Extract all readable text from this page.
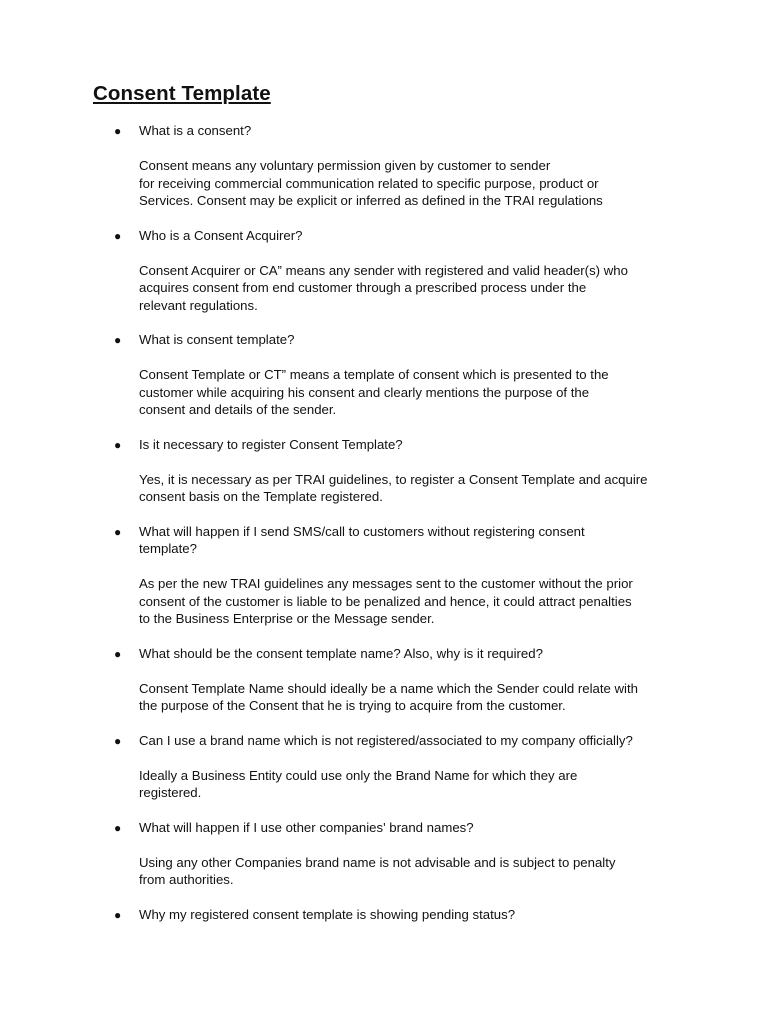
Consent Template
● What is a consent?
Consent means any voluntary permission given by customer to sender
for receiving commercial communication related to specific purpose, product or
Services. Consent may be explicit or inferred as defined in the TRAI regulations
● Who is a Consent Acquirer?
Consent Acquirer or CA” means any sender with registered and valid header(s) who
acquires consent from end customer through a prescribed process under the
relevant regulations.
● What is consent template?
Consent Template or CT” means a template of consent which is presented to the
customer while acquiring his consent and clearly mentions the purpose of the
consent and details of the sender.
● Is it necessary to register Consent Template?
Yes, it is necessary as per TRAI guidelines, to register a Consent Template and acquire
consent basis on the Template registered.
● What will happen if I send SMS/call to customers without registering consent
template?
As per the new TRAI guidelines any messages sent to the customer without the prior
consent of the customer is liable to be penalized and hence, it could attract penalties
to the Business Enterprise or the Message sender.
● What should be the consent template name? Also, why is it required?
Consent Template Name should ideally be a name which the Sender could relate with
the purpose of the Consent that he is trying to acquire from the customer.
● Can I use a brand name which is not registered/associated to my company officially?
Ideally a Business Entity could use only the Brand Name for which they are
registered.
● What will happen if I use other companies' brand names?
Using any other Companies brand name is not advisable and is subject to penalty
from authorities.
● Why my registered consent template is showing pending status?
